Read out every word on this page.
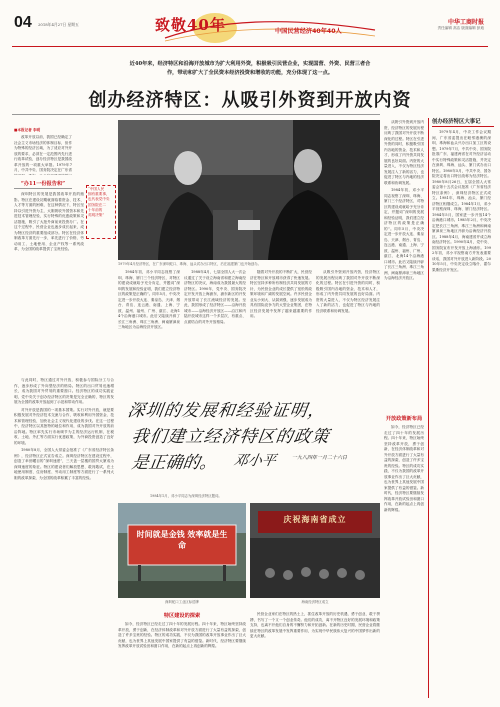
04 2018年4月27日 星期五	致敬40年	中国民营经济40年40人
中华工商时报
责任编辑 高洁 版面编辑 彭迪
近40年来，经济特区和沿海开放城市为扩大利用外资，积极吸引民营企业，实现国营、外资、民营三者合
作，带动和扩大了全民资本经济投资和增收的功能，充分体现了这一点。
创办经济特区：从吸引外资到开放内资
■本报记者 李明

改革开放以前，我国已经确定了社会主义市场经济的体制目标，但作为特殊的经济区域，为了适应对外开放的要求，必须在一定范围内先行进行改革试验，创办经济特区是我国改革开放的一项重大举措。1979年7月，中共中央、国务院决定在广东省

“办11一份报告和”
“中国人民
拥有重要事，
也代表党中央
国务院在二
十年前的
英明决策”

深圳特区的发展是我国改革开放的缩影。特区在建设初期就面临着资金、技术、人才等方面的困难，在这种情况下，特区坚持以引进外资为主，大胆吸收外国资本和先进技术管理经验，实行特殊的优惠政策和灵活措施，吸引了大批外商前来投资办厂。在这个过程中，民营企业也逐步成长起来，成为特区经济的重要组成部分。特区在经济体制改革方面先行一步，率先进行了价格、劳动用工、土地使用、企业产权等一系列改革，为全国的改革提供了宝贵经验。

与此同时，特区通过对外开放，积极参与国际分工与合作，逐步形成了外向型经济的格局。特区的出口贸易迅速增长，成为我国对外贸易的重要窗口。经济特区的成功实践证明，党中央关于创办经济特区的决策是完全正确的，特区的发展为全国的改革开放起到了示范和带动作用。

对外开放是我国的一项基本国策。实行对外开放，就是要积极发展对外经济技术交流与合作，吸收和利用外国资金、技术和管理经验，加快社会主义现代化建设的步伐。在这一过程中，经济特区以其独特的地位和作用，成为我国对外开放的前沿阵地。特区率先实行市场调节为主的经济运行机制，在税收、土地、外汇等方面实行优惠政策，为外商投资创造了良好的环境。

1980年8月，全国人大常委会批准了《广东省经济特区条例》，经济特区正式宣告成立。深圳经济特区在建设过程中，创造了举世瞩目的“深圳速度”，三天盖一层楼的国贸大厦成为深圳速度的象征。特区的建设者们解放思想、敢闯敢试，在土地使用制度、住房制度、劳动用工制度等方面进行了一系列大胆的改革探索，为全国的改革积累了丰富的经验。

1979年4月经济特区，在广东深圳蛇口、珠海、汕头试办出口特区，后在福建厦门也开始创办。

1984年初，邓小平同志视察了深圳、珠海、厦门三个经济特区，对特区的建设成就给予充分肯定，并题词“深圳的发展和经验证明，我们建立经济特区的政策是正确的”。同年5月，中央决定进一步开放大连、秦皇岛、天津、烟台、青岛、连云港、南通、上海、宁波、温州、福州、广州、湛江、北海14个沿海港口城市。此后又陆续开辟了长江三角洲、珠江三角洲、闽南厦漳泉三角地区为沿海经济开放区。

1988年4月，七届全国人大一次会议通过了关于设立海南省和建立海南经济特区的决议，海南成为我国最大的经济特区。1990年，党中央、国务院决定开发开放上海浦东，浦东新区的开发开放带动了长江流域经济的发展。至此，我国形成了经济特区——沿海开放城市——沿海经济开放区——沿江和内陆开放城市这样一个多层次、有重点、点面结合的对外开放格局。

随着对外开放的不断扩大，民营经济在特区和开放城市获得了快速发展。特区坚持多种所有制经济共同发展的方针，为民营企业的成长提供了宽松的政策环境和广阔的发展空间。许多民营企业从小到大、从弱到强，逐步发展成为具有国际竞争力的大型企业集团，在特区经济发展中发挥了越来越重要的作用。

从吸引外资到开放内资，经济特区的发展历程反映了我国对外开放不断深化的过程。特区在引进外资的同时，积极吸引国内各地的资金、技术和人才，形成了内外资共同发展的良好局面。内资的大量进入，不仅为特区经济发展注入了新的活力，也促进了特区与内地的经济联系和协调发展。

深圳的发展和经验证明，
我们建立经济特区的政策
是正确的。 邓小平	一九八四年一月二十六日
1984年1月，邓小平同志为深圳经济特区题词。
时间就是金钱 效率就是生命
深圳蛇口工业区标语牌
庆祝海南省成立
海南经济特区成立
特区建设的探索

如今，经济特区已经走过了四十年的发展历程。四十年来，特区始终坚持改革开放，勇于创新，在经济体制改革和对外开放方面进行了大量有益的探索，创造了许多宝贵的经验。特区的成功实践，不仅为我国的改革开放事业作出了巨大贡献，也为世界上其他发展中国家提供了有益的借鉴。新时代，经济特区要继续发挥改革开放试验田和窗口作用，在新的起点上再创新的辉煌。

民营企业家们在特区的热土上，抓住改革开放的历史机遇，勇于创业、敢于拼搏，书写了一个又一个创业传奇。他们的成功，离不开特区良好的发展环境和政策支持，也离不开他们自身的不懈努力和开拓创新。在新的历史时期，民营企业将继续在特区的改革发展中发挥重要作用，为实现中华民族伟大复兴的中国梦作出新的更大贡献。

从吸引外资到开放内资，经济特区的发展历程反映了我国对外开放不断深化的过程。特区在引进外资的同时，积极吸引国内各地的资金、技术和人才，形成了内外资共同发展的良好局面。内资的大量进入，不仅为特区经济发展注入了新的活力，也促进了特区与内地的经济联系和协调发展。

1984年初，邓小平同志视察了深圳、珠海、厦门三个经济特区，对特区的建设成就给予充分肯定，并题词“深圳的发展和经验证明，我们建立经济特区的政策是正确的”。同年5月，中央决定进一步开放大连、秦皇岛、天津、烟台、青岛、连云港、南通、上海、宁波、温州、福州、广州、湛江、北海14个沿海港口城市。此后又陆续开辟了长江三角洲、珠江三角洲、闽南厦漳泉三角地区为沿海经济开放区。

开放政策新布局

如今，经济特区已经走过了四十年的发展历程。四十年来，特区始终坚持改革开放，勇于创新，在经济体制改革和对外开放方面进行了大量有益的探索，创造了许多宝贵的经验。特区的成功实践，不仅为我国的改革开放事业作出了巨大贡献，也为世界上其他发展中国家提供了有益的借鉴。新时代，经济特区要继续发挥改革开放试验田和窗口作用，在新的起点上再创新的辉煌。

创办经济特区大事记

1979年4月，中央工作会议期间，广东省委提出在毗邻港澳的深圳、珠海和汕头兴办出口加工区的设想。1979年7月，中共中央、国务院批准广东、福建两省在对外经济活动中实行特殊政策和灵活措施，并决定在深圳、珠海、汕头、厦门试办出口特区。1980年5月，中共中央、国务院决定将出口特区改称为经济特区。1980年8月26日，五届全国人大常委会第十五次会议批准《广东省经济特区条例》，深圳经济特区正式成立。1981年，珠海、汕头、厦门经济特区相继成立。1984年1月，邓小平视察深圳、珠海、厦门经济特区。1984年5月，国家进一步开放14个沿海港口城市。1985年2月，中央决定把长江三角洲、珠江三角洲和闽南厦漳泉三角地区开辟为沿海经济开放区。1988年4月，海南建省并成立海南经济特区。1990年4月，党中央、国务院宣布开发开放上海浦东。1992年初，邓小平视察南方并发表重要谈话，我国对外开放进入新阶段。2010年5月，中央决定设立喀什、霍尔果斯经济开发区。
